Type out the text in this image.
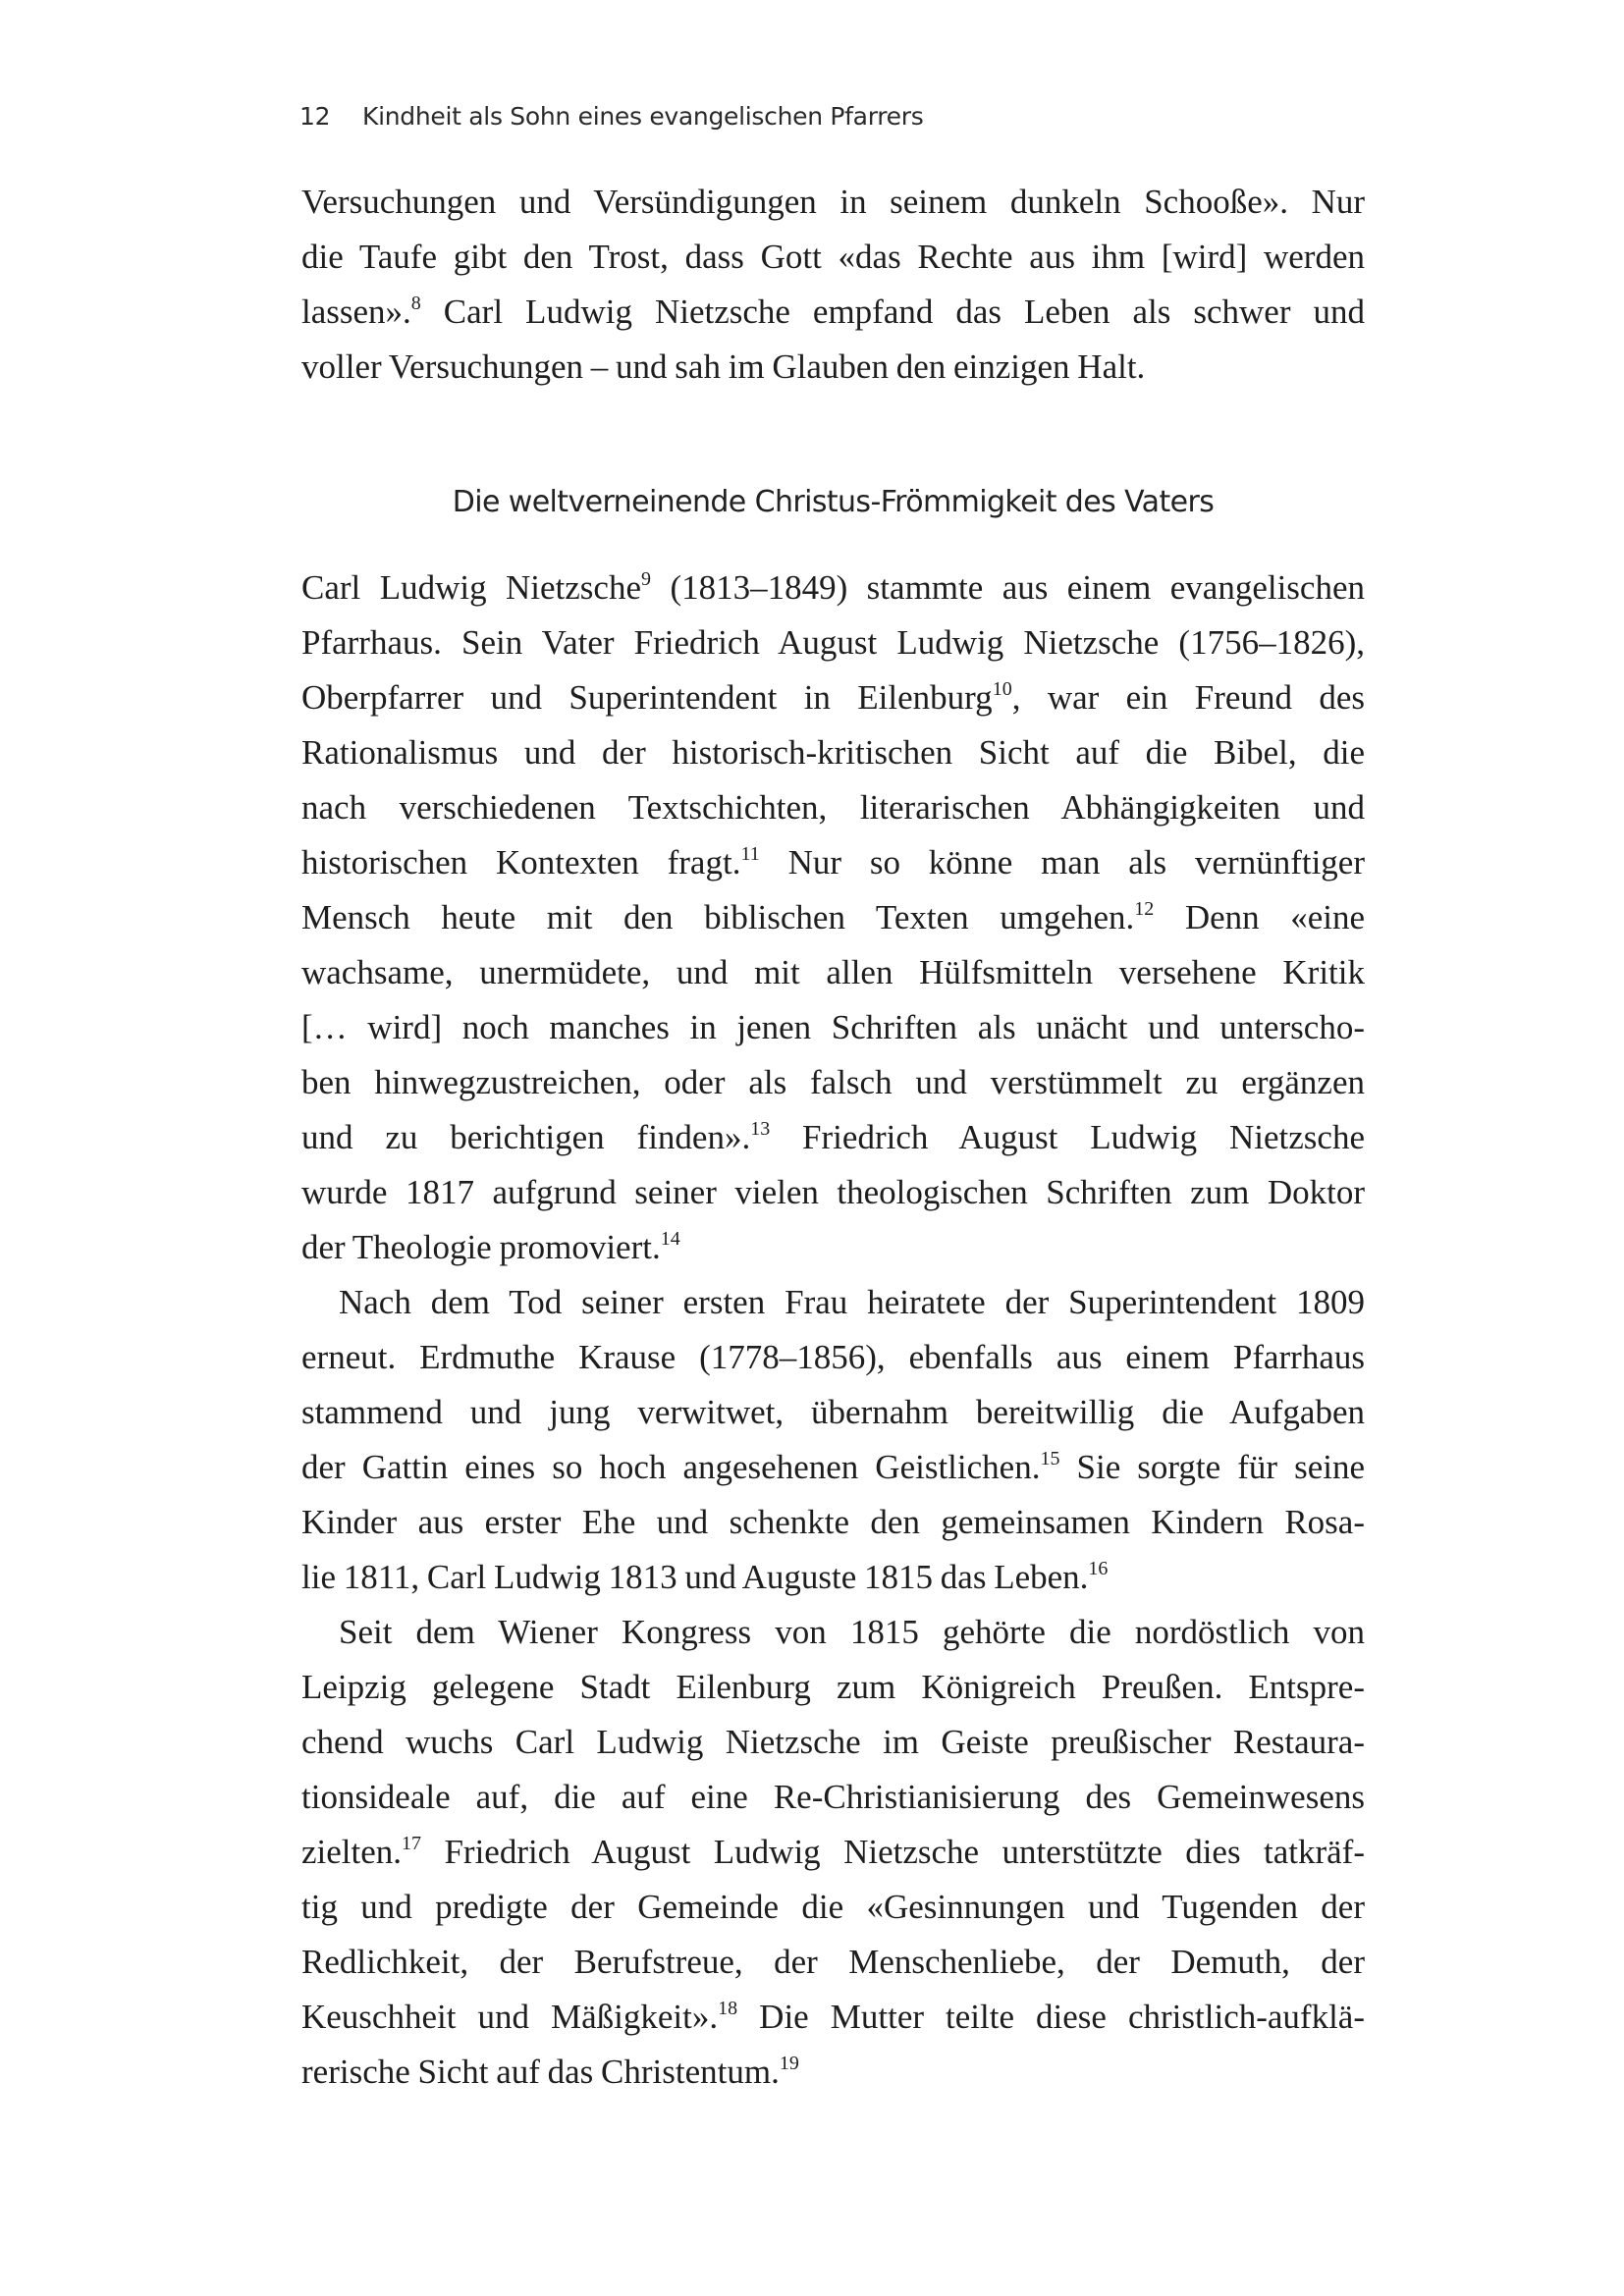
12 Kindheit als Sohn eines evangelischen Pfarrers
Versuchungen und Versündigungen in seinem dunkeln Schooße». Nur
die Taufe gibt den Trost, dass Gott «das Rechte aus ihm [wird] werden
lassen».$^8$ Carl Ludwig Nietzsche empfand das Leben als schwer und
voller Versuchungen – und sah im Glauben den einzigen Halt.
Die weltverneinende Christus-Frömmigkeit des Vaters
Carl Ludwig Nietzsche$^9$ (1813–1849) stammte aus einem evangelischen
Pfarrhaus. Sein Vater Friedrich August Ludwig Nietzsche (1756–1826),
Oberpfarrer und Superintendent in Eilenburg$^{10}$, war ein Freund des
Rationalismus und der historisch-kritischen Sicht auf die Bibel, die
nach verschiedenen Textschichten, literarischen Abhängigkeiten und
historischen Kontexten fragt.$^{11}$ Nur so könne man als vernünftiger
Mensch heute mit den biblischen Texten umgehen.$^{12}$ Denn «eine
wachsame, unermüdete, und mit allen Hülfsmitteln versehene Kritik
[… wird] noch manches in jenen Schriften als unächt und unterscho-
ben hinwegzustreichen, oder als falsch und verstümmelt zu ergänzen
und zu berichtigen finden».$^{13}$ Friedrich August Ludwig Nietzsche
wurde 1817 aufgrund seiner vielen theologischen Schriften zum Doktor
der Theologie promoviert.$^{14}$
Nach dem Tod seiner ersten Frau heiratete der Superintendent 1809
erneut. Erdmuthe Krause (1778–1856), ebenfalls aus einem Pfarrhaus
stammend und jung verwitwet, übernahm bereitwillig die Aufgaben
der Gattin eines so hoch angesehenen Geistlichen.$^{15}$ Sie sorgte für seine
Kinder aus erster Ehe und schenkte den gemeinsamen Kindern Rosa-
lie 1811, Carl Ludwig 1813 und Auguste 1815 das Leben.$^{16}$
Seit dem Wiener Kongress von 1815 gehörte die nordöstlich von
Leipzig gelegene Stadt Eilenburg zum Königreich Preußen. Entspre-
chend wuchs Carl Ludwig Nietzsche im Geiste preußischer Restaura-
tionsideale auf, die auf eine Re-Christianisierung des Gemeinwesens
zielten.$^{17}$ Friedrich August Ludwig Nietzsche unterstützte dies tatkräf-
tig und predigte der Gemeinde die «Gesinnungen und Tugenden der
Redlichkeit, der Berufstreue, der Menschenliebe, der Demuth, der
Keuschheit und Mäßigkeit».$^{18}$ Die Mutter teilte diese christlich-aufklä-
rerische Sicht auf das Christentum.$^{19}$
